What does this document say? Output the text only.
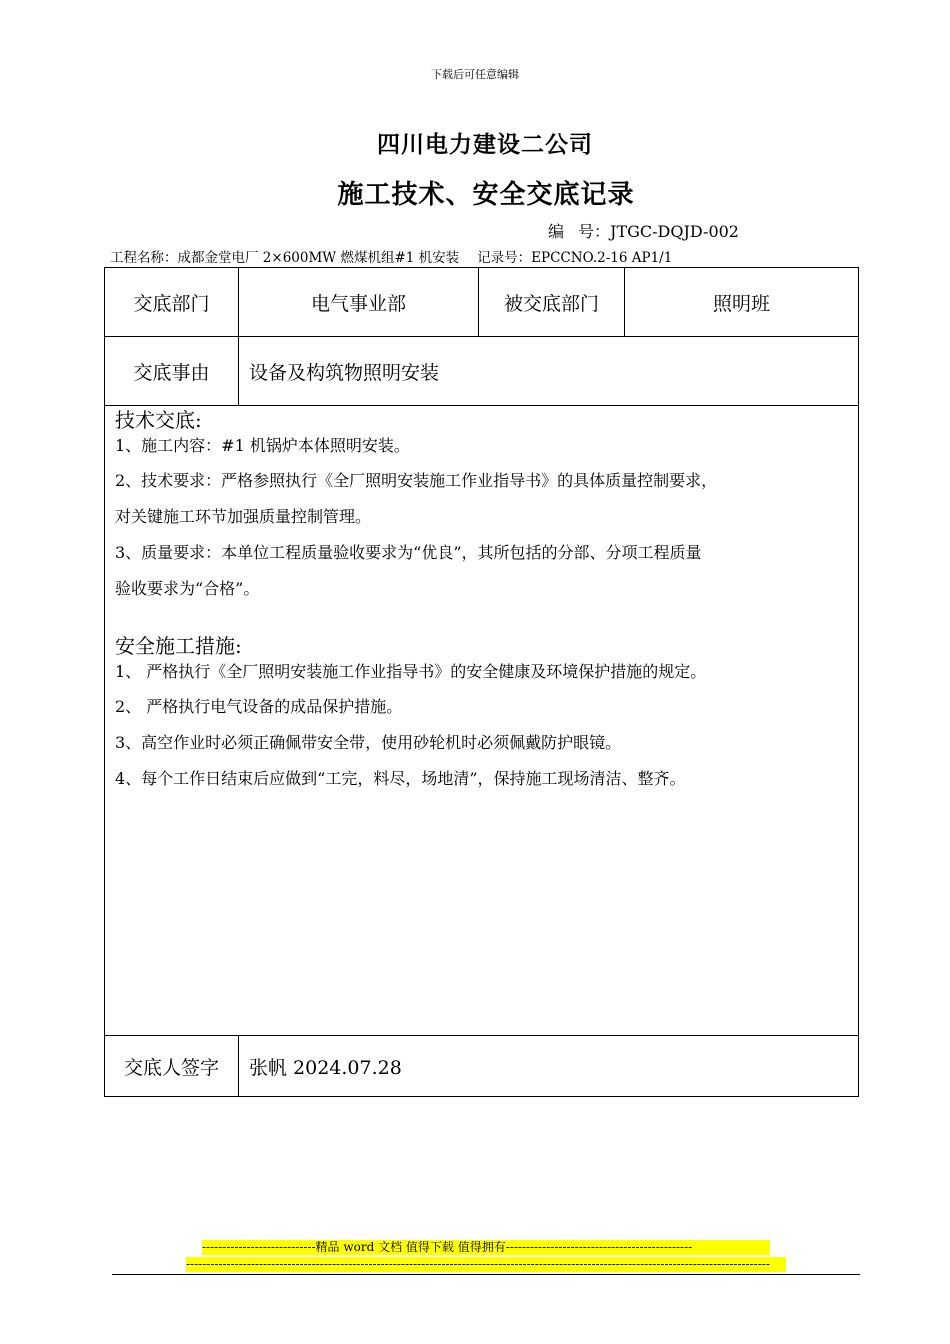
下载后可任意编辑
四川电力建设二公司
施工技术、安全交底记录
编 号：JTGC-DQJD-002
工程名称：成都金堂电厂 2×600MW 燃煤机组#1 机安装 记录号：EPCCNO.2-16 AP1/1
交底部门	电气事业部	被交底部门	照明班
交底事由	设备及构筑物照明安装
技术交底:

1、施工内容：#1 机锅炉本体照明安装。

2、技术要求：严格参照执行《全厂照明安装施工作业指导书》的具体质量控制要求，

对关键施工环节加强质量控制管理。

3、质量要求：本单位工程质量验收要求为“优良”，其所包括的分部、分项工程质量

验收要求为“合格”。

安全施工措施:

1、 严格执行《全厂照明安装施工作业指导书》的安全健康及环境保护措施的规定。

2、 严格执行电气设备的成品保护措施。

3、高空作业时必须正确佩带安全带，使用砂轮机时必须佩戴防护眼镜。

4、每个工作日结束后应做到“工完，料尽，场地清”，保持施工现场清洁、整齐。

交底人签字	张帆 2024.07.28
----------------------------精品 word 文档 值得下载 值得拥有----------------------------------------------
------------------------------------------------------------------------------------------------------------------------------------------------
